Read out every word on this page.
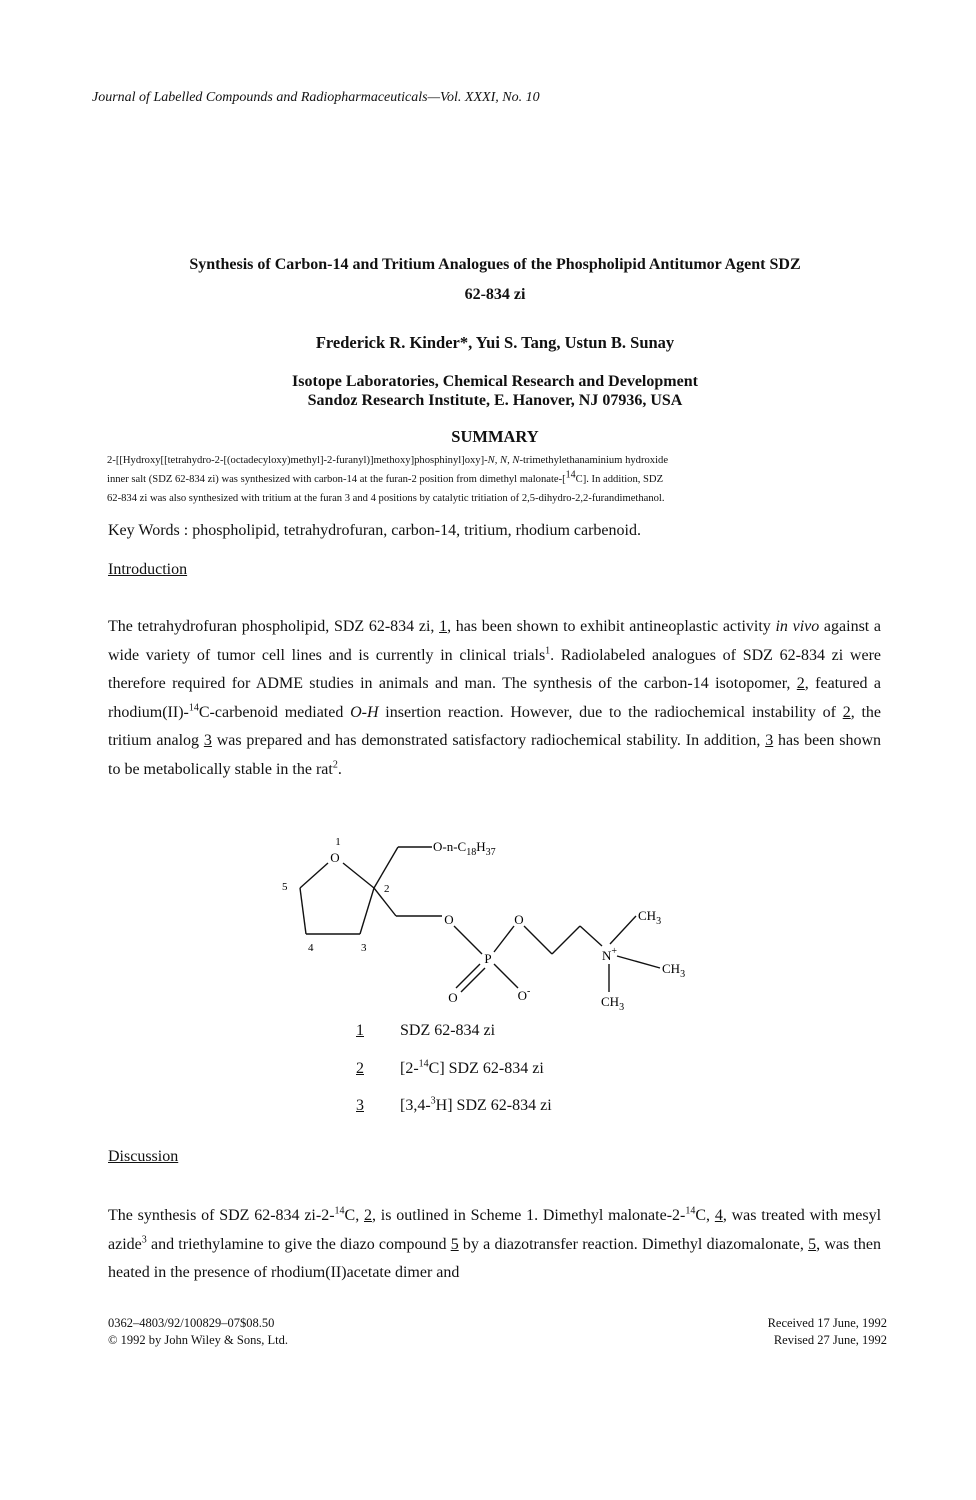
Journal of Labelled Compounds and Radiopharmaceuticals—Vol. XXXI, No. 10
Synthesis of Carbon-14 and Tritium Analogues of the Phospholipid Antitumor Agent SDZ
62-834 zi
Frederick R. Kinder*, Yui S. Tang, Ustun B. Sunay
Isotope Laboratories, Chemical Research and Development
Sandoz Research Institute, E. Hanover, NJ 07936, USA
SUMMARY
2-[[Hydroxy[[tetrahydro-2-[(octadecyloxy)methyl]-2-furanyl)]methoxy]phosphinyl]oxy]-N, N, N-trimethylethanaminium hydroxide
inner salt (SDZ 62-834 zi) was synthesized with carbon-14 at the furan-2 position from dimethyl malonate-[$^{14}$C]. In addition, SDZ
62-834 zi was also synthesized with tritium at the furan 3 and 4 positions by catalytic tritiation of 2,5-dihydro-2,2-furandimethanol.
Key Words : phospholipid, tetrahydrofuran, carbon-14, tritium, rhodium carbenoid.
Introduction
The tetrahydrofuran phospholipid, SDZ 62-834 zi, 1, has been shown to exhibit antineoplastic activity in vivo against a wide variety of tumor cell lines and is currently in clinical trials$^1$. Radiolabeled analogues of SDZ 62-834 zi were therefore required for ADME studies in animals and man. The synthesis of the carbon-14 isotopomer, 2, featured a rhodium(II)-$^{14}$C-carbenoid mediated O-H insertion reaction. However, due to the radiochemical instability of 2, the tritium analog 3 was prepared and has demonstrated satisfactory radiochemical stability. In addition, 3 has been shown to be metabolically stable in the rat$^2$.
O
1
2
3
4
5
$O-n-C_{18}H_{37}$
O	O
P
O	O-
N+
$CH_3$
$CH_3$
$CH_3$
1 SDZ 62-834 zi
2 [2-$^{14}$C] SDZ 62-834 zi
3 [3,4-$^3$H] SDZ 62-834 zi
Discussion
The synthesis of SDZ 62-834 zi-2-$^{14}$C, 2, is outlined in Scheme 1. Dimethyl malonate-2-$^{14}$C, 4, was treated with mesyl azide$^3$ and triethylamine to give the diazo compound 5 by a diazotransfer reaction. Dimethyl diazomalonate, 5, was then heated in the presence of rhodium(II)acetate dimer and
0362–4803/92/100829–07$08.50
© 1992 by John Wiley & Sons, Ltd.
Received 17 June, 1992
Revised 27 June, 1992
